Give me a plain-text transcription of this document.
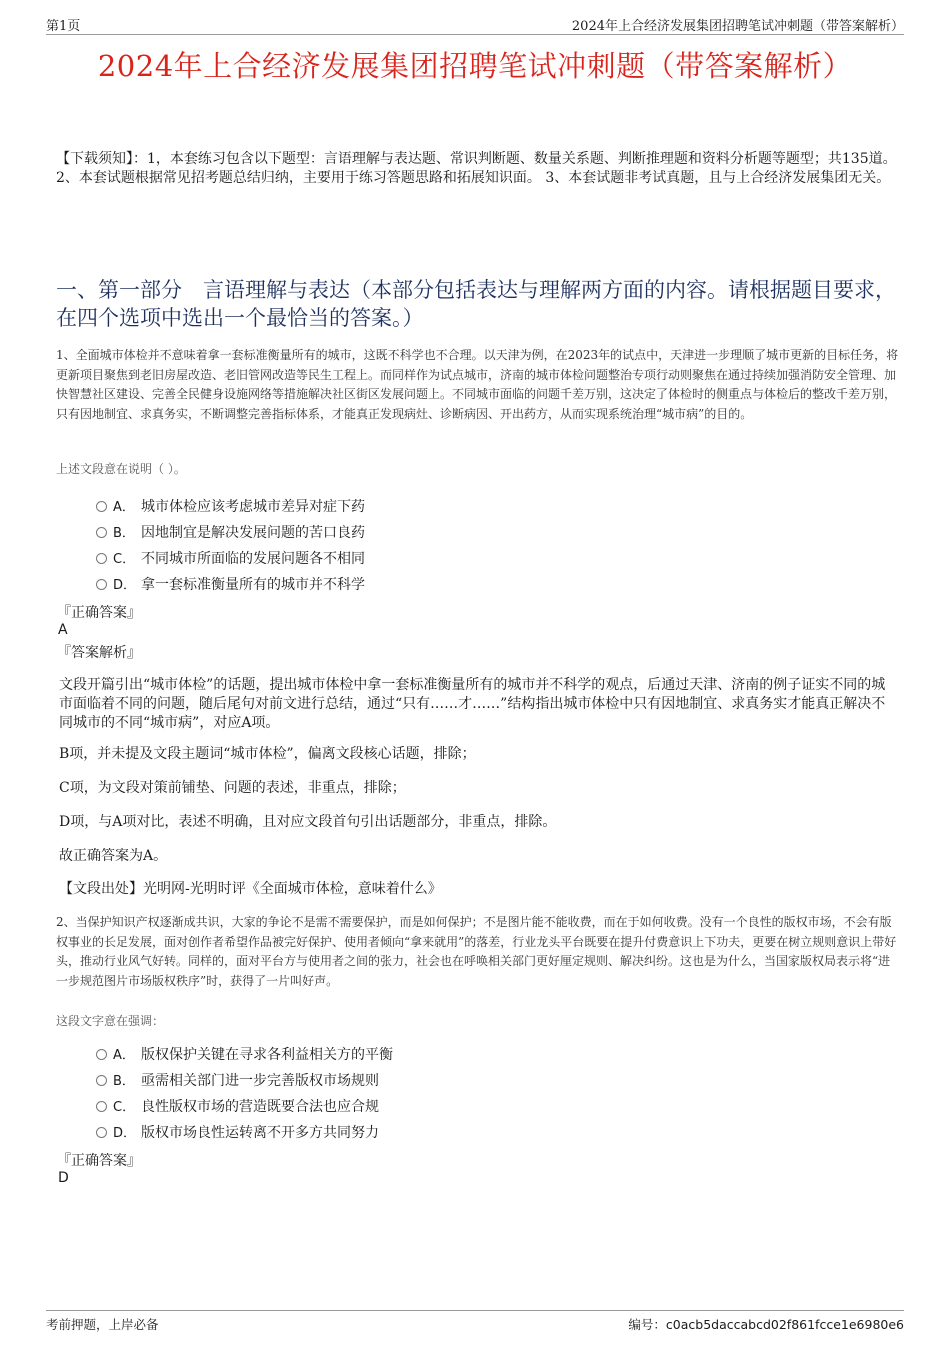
第1页	2024年上合经济发展集团招聘笔试冲刺题（带答案解析）
2024年上合经济发展集团招聘笔试冲刺题（带答案解析）
【下载须知】：1，本套练习包含以下题型：言语理解与表达题、常识判断题、数量关系题、判断推理题和资料分析题等题型；共135道。 2、本套试题根据常见招考题总结归纳，主要用于练习答题思路和拓展知识面。 3、本套试题非考试真题，且与上合经济发展集团无关。
一、第一部分　言语理解与表达（本部分包括表达与理解两方面的内容。请根据题目要求，在四个选项中选出一个最恰当的答案。）
1、全面城市体检并不意味着拿一套标准衡量所有的城市，这既不科学也不合理。以天津为例，在2023年的试点中，天津进一步理顺了城市更新的目标任务，将更新项目聚焦到老旧房屋改造、老旧管网改造等民生工程上。而同样作为试点城市，济南的城市体检问题整治专项行动则聚焦在通过持续加强消防安全管理、加快智慧社区建设、完善全民健身设施网络等措施解决社区街区发展问题上。不同城市面临的问题千差万别，这决定了体检时的侧重点与体检后的整改千差万别，只有因地制宜、求真务实，不断调整完善指标体系，才能真正发现病灶、诊断病因、开出药方，从而实现系统治理“城市病”的目的。
上述文段意在说明（ ）。
A． 城市体检应该考虑城市差异对症下药
B． 因地制宜是解决发展问题的苦口良药
C． 不同城市所面临的发展问题各不相同
D． 拿一套标准衡量所有的城市并不科学
『正确答案』
A
『答案解析』
文段开篇引出“城市体检”的话题，提出城市体检中拿一套标准衡量所有的城市并不科学的观点，后通过天津、济南的例子证实不同的城市面临着不同的问题，随后尾句对前文进行总结，通过“只有……才……”结构指出城市体检中只有因地制宜、求真务实才能真正解决不同城市的不同“城市病”，对应A项。
B项，并未提及文段主题词“城市体检”，偏离文段核心话题，排除；
C项，为文段对策前铺垫、问题的表述，非重点，排除；
D项，与A项对比，表述不明确，且对应文段首句引出话题部分，非重点，排除。
故正确答案为A。
【文段出处】光明网-光明时评《全面城市体检，意味着什么》
2、当保护知识产权逐渐成共识，大家的争论不是需不需要保护，而是如何保护；不是图片能不能收费，而在于如何收费。没有一个良性的版权市场，不会有版权事业的长足发展，面对创作者希望作品被完好保护、使用者倾向“拿来就用”的落差，行业龙头平台既要在提升付费意识上下功夫，更要在树立规则意识上带好头，推动行业风气好转。同样的，面对平台方与使用者之间的张力，社会也在呼唤相关部门更好厘定规则、解决纠纷。这也是为什么，当国家版权局表示将“进一步规范图片市场版权秩序”时，获得了一片叫好声。
这段文字意在强调：
A． 版权保护关键在寻求各利益相关方的平衡
B． 亟需相关部门进一步完善版权市场规则
C． 良性版权市场的营造既要合法也应合规
D． 版权市场良性运转离不开多方共同努力
『正确答案』
D
考前押题，上岸必备	编号：c0acb5daccabcd02f861fcce1e6980e6
